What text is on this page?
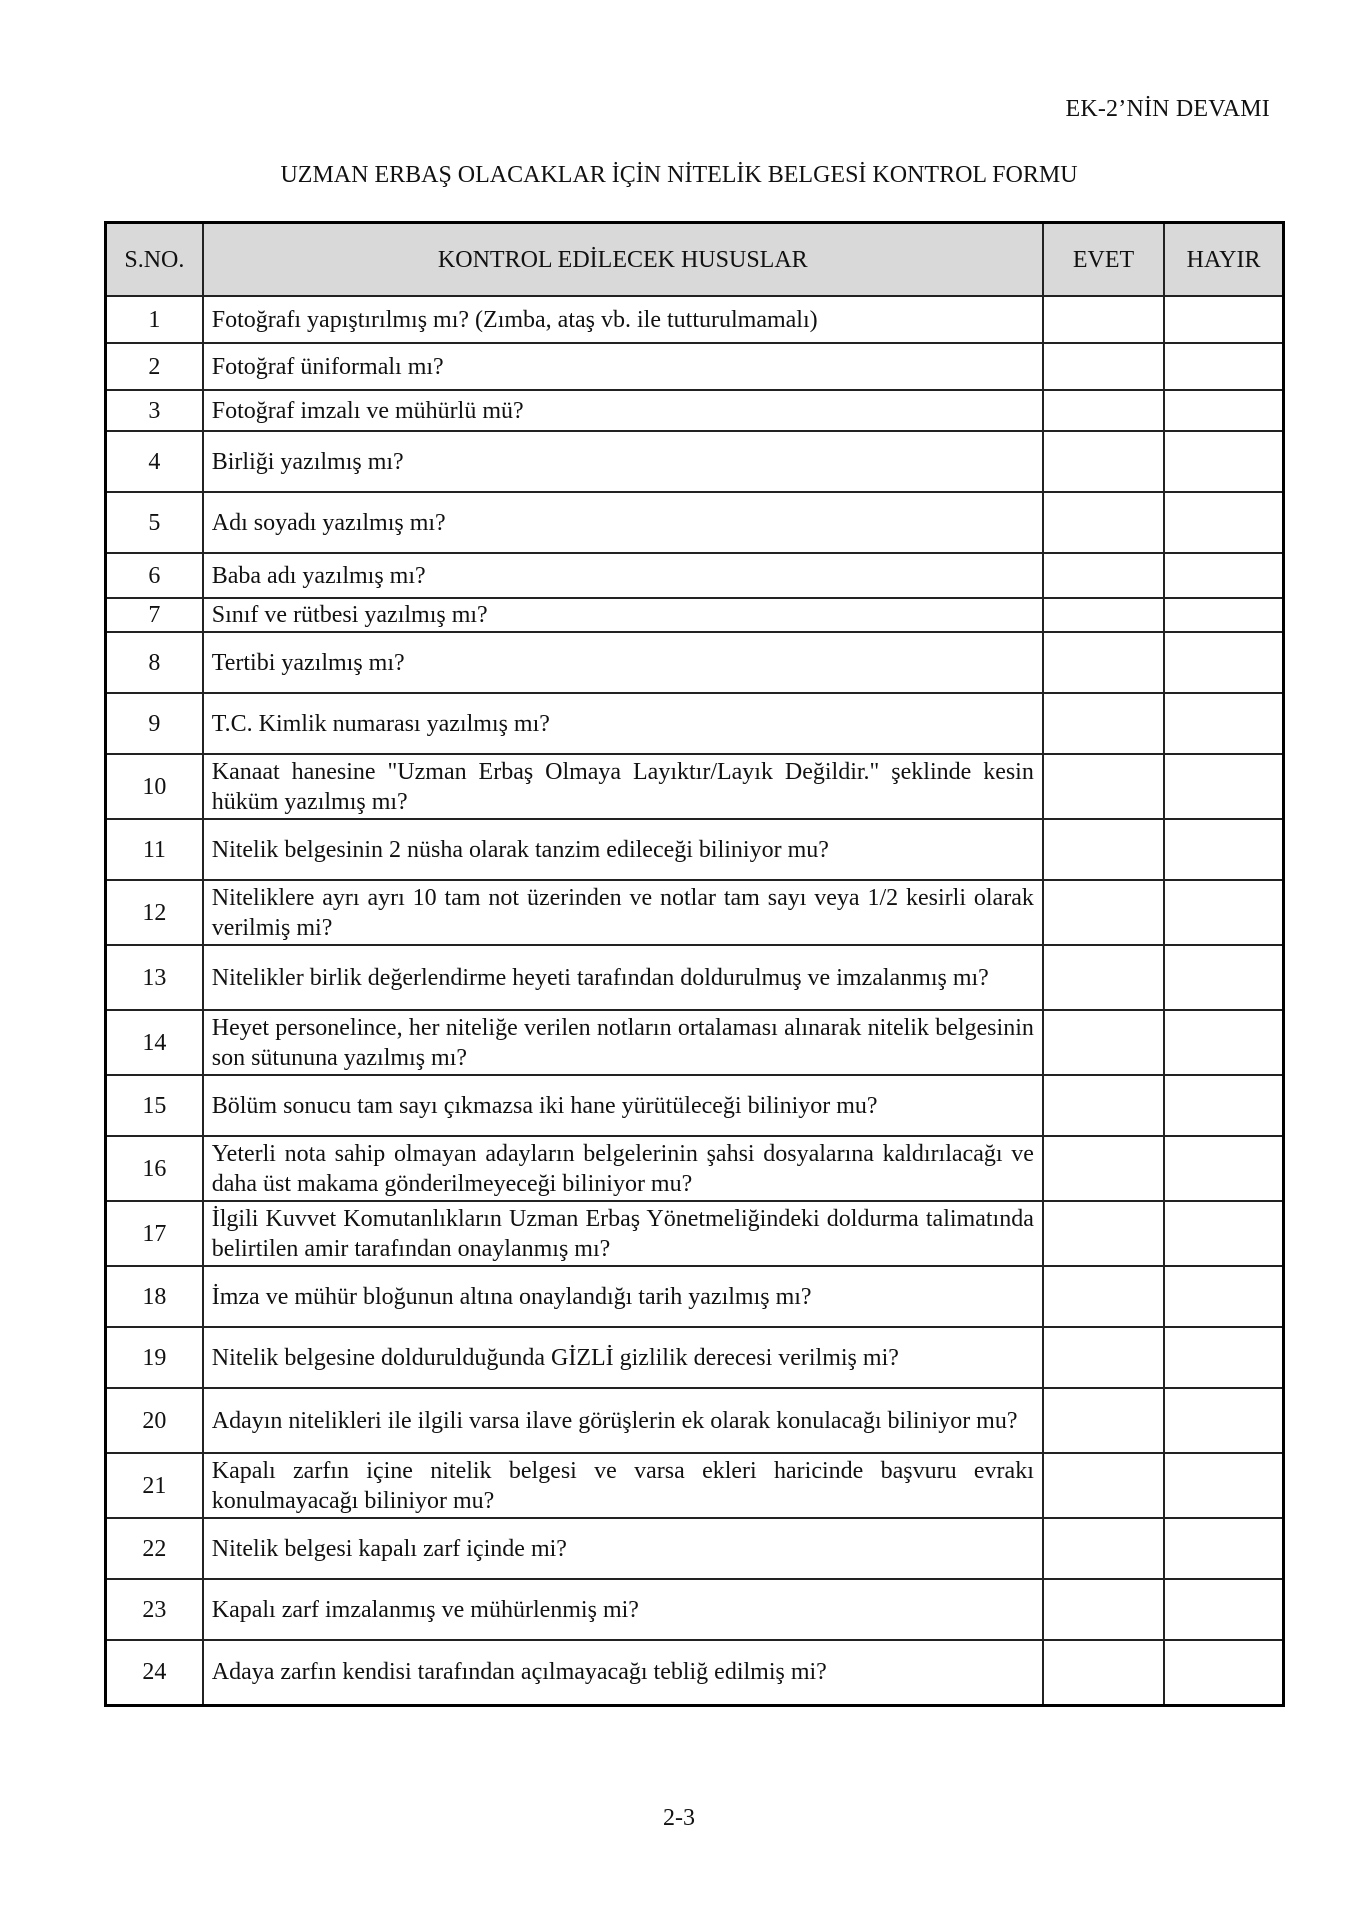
EK-2’NİN DEVAMI
UZMAN ERBAŞ OLACAKLAR İÇİN NİTELİK BELGESİ KONTROL FORMU
S.NO.	KONTROL EDİLECEK HUSUSLAR	EVET	HAYIR
1	Fotoğrafı yapıştırılmış mı? (Zımba, ataş vb. ile tutturulmamalı)		
2	Fotoğraf üniformalı mı?		
3	Fotoğraf imzalı ve mühürlü mü?		
4	Birliği yazılmış mı?		
5	Adı soyadı yazılmış mı?		
6	Baba adı yazılmış mı?		
7	Sınıf ve rütbesi yazılmış mı?		
8	Tertibi yazılmış mı?		
9	T.C. Kimlik numarası yazılmış mı?		
10	Kanaat hanesine "Uzman Erbaş Olmaya Layıktır/Layık Değildir." şeklinde kesin hüküm yazılmış mı?		
11	Nitelik belgesinin 2 nüsha olarak tanzim edileceği biliniyor mu?		
12	Niteliklere ayrı ayrı 10 tam not üzerinden ve notlar tam sayı veya 1/2 kesirli olarak verilmiş mi?		
13	Nitelikler birlik değerlendirme heyeti tarafından doldurulmuş ve imzalanmış mı?		
14	Heyet personelince, her niteliğe verilen notların ortalaması alınarak nitelik belgesinin son sütununa yazılmış mı?		
15	Bölüm sonucu tam sayı çıkmazsa iki hane yürütüleceği biliniyor mu?		
16	Yeterli nota sahip olmayan adayların belgelerinin şahsi dosyalarına kaldırılacağı ve daha üst makama gönderilmeyeceği biliniyor mu?		
17	İlgili Kuvvet Komutanlıkların Uzman Erbaş Yönetmeliğindeki doldurma talimatında belirtilen amir tarafından onaylanmış mı?		
18	İmza ve mühür bloğunun altına onaylandığı tarih yazılmış mı?		
19	Nitelik belgesine doldurulduğunda GİZLİ gizlilik derecesi verilmiş mi?		
20	Adayın nitelikleri ile ilgili varsa ilave görüşlerin ek olarak konulacağı biliniyor mu?		
21	Kapalı zarfın içine nitelik belgesi ve varsa ekleri haricinde başvuru evrakı konulmayacağı biliniyor mu?		
22	Nitelik belgesi kapalı zarf içinde mi?		
23	Kapalı zarf imzalanmış ve mühürlenmiş mi?		
24	Adaya zarfın kendisi tarafından açılmayacağı tebliğ edilmiş mi?		
2-3
